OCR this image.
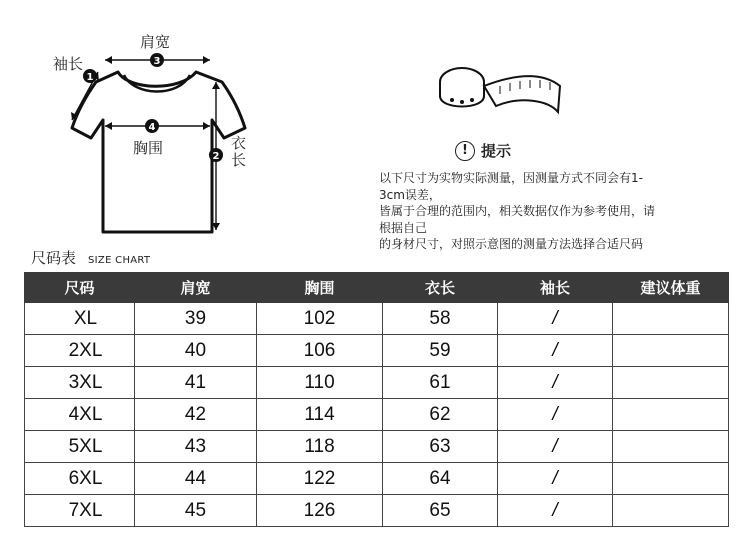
1
2
3
4
肩宽
袖长
胸围	衣长	! 提示

以下尺寸为实物实际测量，因测量方式不同会有1-

3cm误差，

皆属于合理的范围内，相关数据仅作为参考使用，请

根据自己

的身材尺寸，对照示意图的测量方法选择合适尺码

尺码表 SIZE CHART
尺码	肩宽	胸围	衣长	袖长	建议体重
XL	39	102	58	/	
2XL	40	106	59	/	
3XL	41	110	61	/	
4XL	42	114	62	/	
5XL	43	118	63	/	
6XL	44	122	64	/	
7XL	45	126	65	/	
